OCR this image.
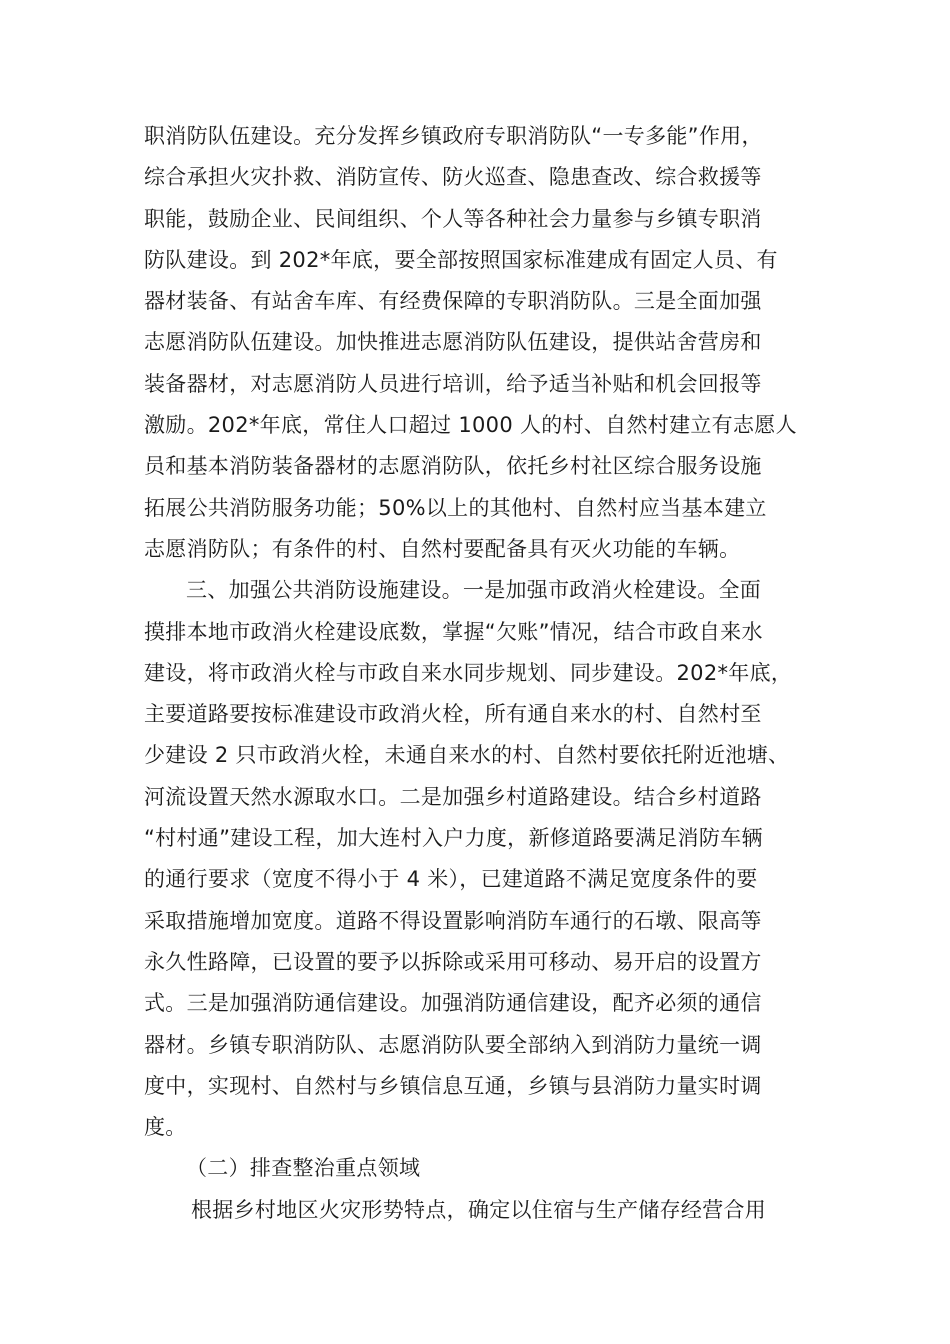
职消防队伍建设。充分发挥乡镇政府专职消防队“一专多能”作用，
综合承担火灾扑救、消防宣传、防火巡查、隐患查改、综合救援等
职能，鼓励企业、民间组织、个人等各种社会力量参与乡镇专职消
防队建设。到 202*年底，要全部按照国家标准建成有固定人员、有
器材装备、有站舍车库、有经费保障的专职消防队。三是全面加强
志愿消防队伍建设。加快推进志愿消防队伍建设，提供站舍营房和
装备器材，对志愿消防人员进行培训，给予适当补贴和机会回报等
激励。202*年底，常住人口超过 1000 人的村、自然村建立有志愿人
员和基本消防装备器材的志愿消防队，依托乡村社区综合服务设施
拓展公共消防服务功能；50%以上的其他村、自然村应当基本建立
志愿消防队；有条件的村、自然村要配备具有灭火功能的车辆。
三、加强公共消防设施建设。一是加强市政消火栓建设。全面
摸排本地市政消火栓建设底数，掌握“欠账”情况，结合市政自来水
建设，将市政消火栓与市政自来水同步规划、同步建设。202*年底，
主要道路要按标准建设市政消火栓，所有通自来水的村、自然村至
少建设 2 只市政消火栓，未通自来水的村、自然村要依托附近池塘、
河流设置天然水源取水口。二是加强乡村道路建设。结合乡村道路
“村村通”建设工程，加大连村入户力度，新修道路要满足消防车辆
的通行要求（宽度不得小于 4 米），已建道路不满足宽度条件的要
采取措施增加宽度。道路不得设置影响消防车通行的石墩、限高等
永久性路障，已设置的要予以拆除或采用可移动、易开启的设置方
式。三是加强消防通信建设。加强消防通信建设，配齐必须的通信
器材。乡镇专职消防队、志愿消防队要全部纳入到消防力量统一调
度中，实现村、自然村与乡镇信息互通，乡镇与县消防力量实时调
度。
（二）排查整治重点领域
根据乡村地区火灾形势特点，确定以住宿与生产储存经营合用
